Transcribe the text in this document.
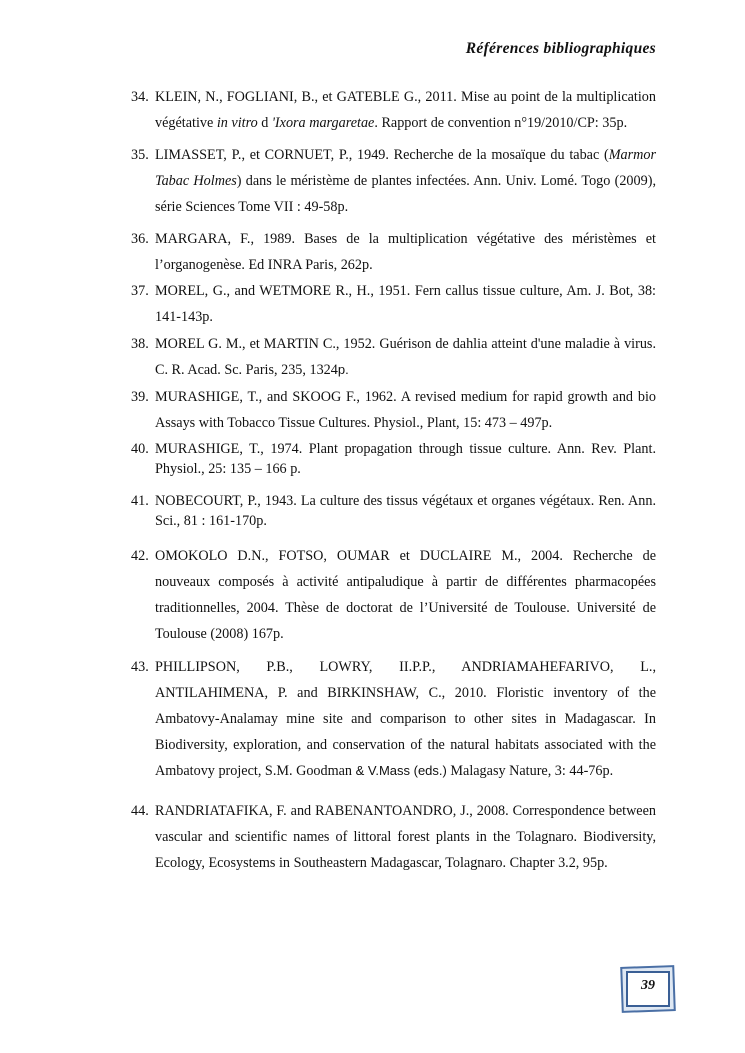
Références bibliographiques
34. KLEIN, N., FOGLIANI, B., et GATEBLE G., 2011. Mise au point de la multiplication végétative in vitro d 'Ixora margaretae. Rapport de convention n°19/2010/CP: 35p.
35. LIMASSET, P., et CORNUET, P., 1949. Recherche de la mosaïque du tabac (Marmor Tabac Holmes) dans le méristème de plantes infectées. Ann. Univ. Lomé. Togo (2009), série Sciences Tome VII : 49-58p.
36. MARGARA, F., 1989. Bases de la multiplication végétative des méristèmes et l’organogenèse. Ed INRA Paris, 262p.
37. MOREL, G., and WETMORE R., H., 1951. Fern callus tissue culture, Am. J. Bot, 38: 141-143p.
38. MOREL G. M., et MARTIN C., 1952. Guérison de dahlia atteint d'une maladie à virus. C. R. Acad. Sc. Paris, 235, 1324p.
39. MURASHIGE, T., and SKOOG F., 1962. A revised medium for rapid growth and bio Assays with Tobacco Tissue Cultures. Physiol., Plant, 15: 473 – 497p.
40. MURASHIGE, T., 1974. Plant propagation through tissue culture. Ann. Rev. Plant. Physiol., 25: 135 – 166 p.
41. NOBECOURT, P., 1943. La culture des tissus végétaux et organes végétaux. Ren. Ann. Sci., 81 : 161-170p.
42. OMOKOLO D.N., FOTSO, OUMAR et DUCLAIRE M., 2004. Recherche de nouveaux composés à activité antipaludique à partir de différentes pharmacopées traditionnelles, 2004. Thèse de doctorat de l’Université de Toulouse. Université de Toulouse (2008) 167p.
43. PHILLIPSON, P.B., LOWRY, II.P.P., ANDRIAMAHEFARIVO, L., ANTILAHIMENA, P. and BIRKINSHAW, C., 2010. Floristic inventory of the Ambatovy-Analamay mine site and comparison to other sites in Madagascar. In Biodiversity, exploration, and conservation of the natural habitats associated with the Ambatovy project, S.M. Goodman & V.Mass (eds.) Malagasy Nature, 3: 44-76p.
44. RANDRIATAFIKA, F. and RABENANTOANDRO, J., 2008. Correspondence between vascular and scientific names of littoral forest plants in the Tolagnaro. Biodiversity, Ecology, Ecosystems in Southeastern Madagascar, Tolagnaro. Chapter 3.2, 95p.
39
